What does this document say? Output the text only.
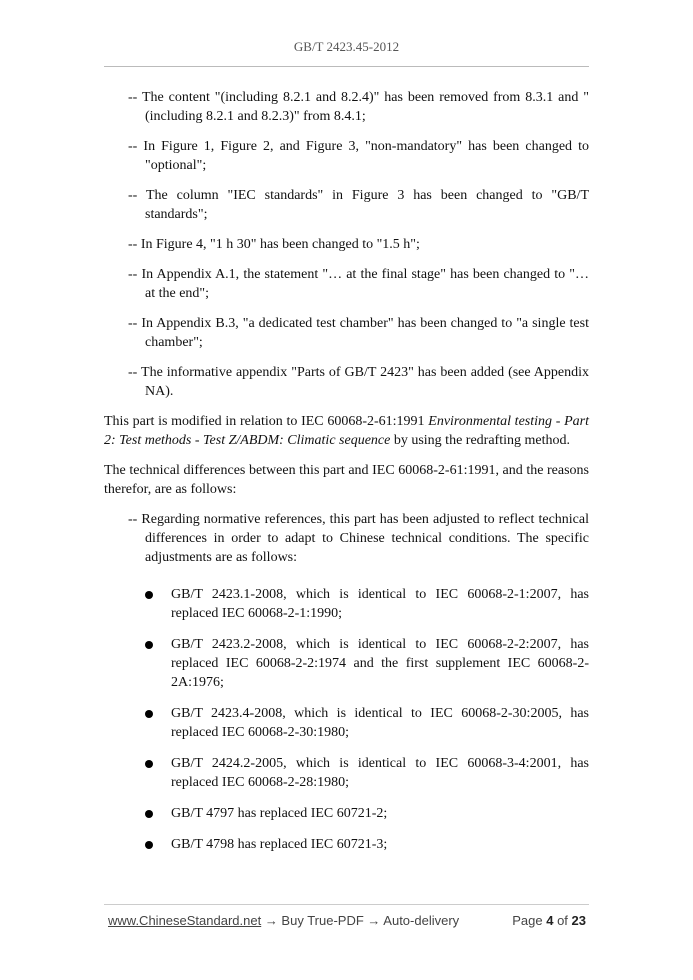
GB/T 2423.45-2012

-- The content "(including 8.2.1 and 8.2.4)" has been removed from 8.3.1 and "(including 8.2.1 and 8.2.3)" from 8.4.1;

-- In Figure 1, Figure 2, and Figure 3, "non-mandatory" has been changed to "optional";

-- The column "IEC standards" in Figure 3 has been changed to "GB/T standards";

-- In Figure 4, "1 h 30" has been changed to "1.5 h";

-- In Appendix A.1, the statement "… at the final stage" has been changed to "… at the end";

-- In Appendix B.3, "a dedicated test chamber" has been changed to "a single test chamber";

-- The informative appendix "Parts of GB/T 2423" has been added (see Appendix NA).

This part is modified in relation to IEC 60068-2-61:1991 Environmental testing - Part 2: Test methods - Test Z/ABDM: Climatic sequence by using the redrafting method.

The technical differences between this part and IEC 60068-2-61:1991, and the reasons therefor, are as follows:

-- Regarding normative references, this part has been adjusted to reflect technical differences in order to adapt to Chinese technical conditions. The specific adjustments are as follows:

GB/T 2423.1-2008, which is identical to IEC 60068-2-1:2007, has replaced IEC 60068-2-1:1990;
GB/T 2423.2-2008, which is identical to IEC 60068-2-2:2007, has replaced IEC 60068-2-2:1974 and the first supplement IEC 60068-2-2A:1976;
GB/T 2423.4-2008, which is identical to IEC 60068-2-30:2005, has replaced IEC 60068-2-30:1980;
GB/T 2424.2-2005, which is identical to IEC 60068-3-4:2001, has replaced IEC 60068-2-28:1980;
GB/T 4797 has replaced IEC 60721-2;
GB/T 4798 has replaced IEC 60721-3;
www.ChineseStandard.net → Buy True-PDF → Auto-delivery	Page 4 of 23
